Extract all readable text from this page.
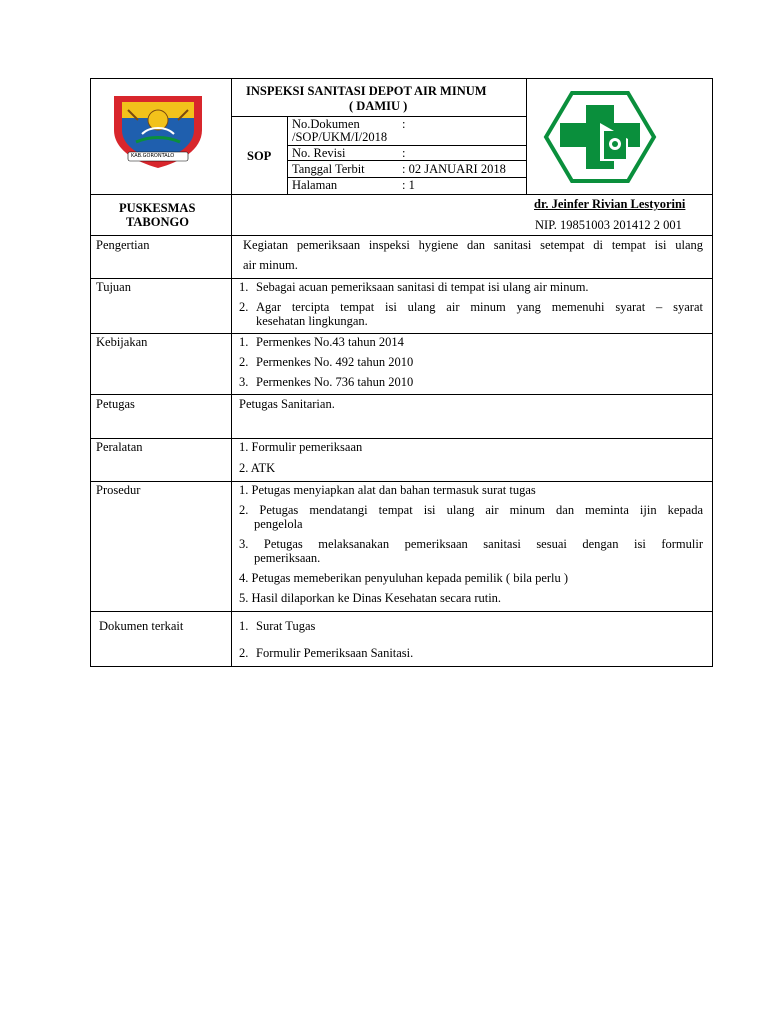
KAB.GORONTALO
INSPEKSI SANITASI DEPOT AIR MINUM
( DAMIU )
SOP
No.Dokumen	:
/SOP/UKM/I/2018
No. Revisi	:
Tanggal Terbit	: 02 JANUARI 2018
Halaman	: 1
PUSKESMAS
TABONGO
dr. Jeinfer Rivian Lestyorini
NIP. 19851003 201412 2 001
Pengertian	Kegiatan pemeriksaan inspeksi hygiene dan sanitasi setempat di tempat isi ulang
air minum.
Tujuan	1. Sebagai acuan pemeriksaan sanitasi di tempat isi ulang air minum.
2. Agar tercipta tempat isi ulang air minum yang memenuhi syarat – syarat
kesehatan lingkungan.
Kebijakan	1. Permenkes No.43 tahun 2014
2. Permenkes No. 492 tahun 2010
3. Permenkes No. 736 tahun 2010
Petugas	Petugas Sanitarian.
Peralatan	1. Formulir pemeriksaan
2. ATK
Prosedur	1. Petugas menyiapkan alat dan bahan termasuk surat tugas
2. Petugas mendatangi tempat isi ulang air minum dan meminta ijin kepada
pengelola
3. Petugas melaksanakan pemeriksaan sanitasi sesuai dengan isi formulir
pemeriksaan.
4. Petugas memeberikan penyuluhan kepada pemilik ( bila perlu )
5. Hasil dilaporkan ke Dinas Kesehatan secara rutin.
Dokumen terkait	1. Surat Tugas
2. Formulir Pemeriksaan Sanitasi.
